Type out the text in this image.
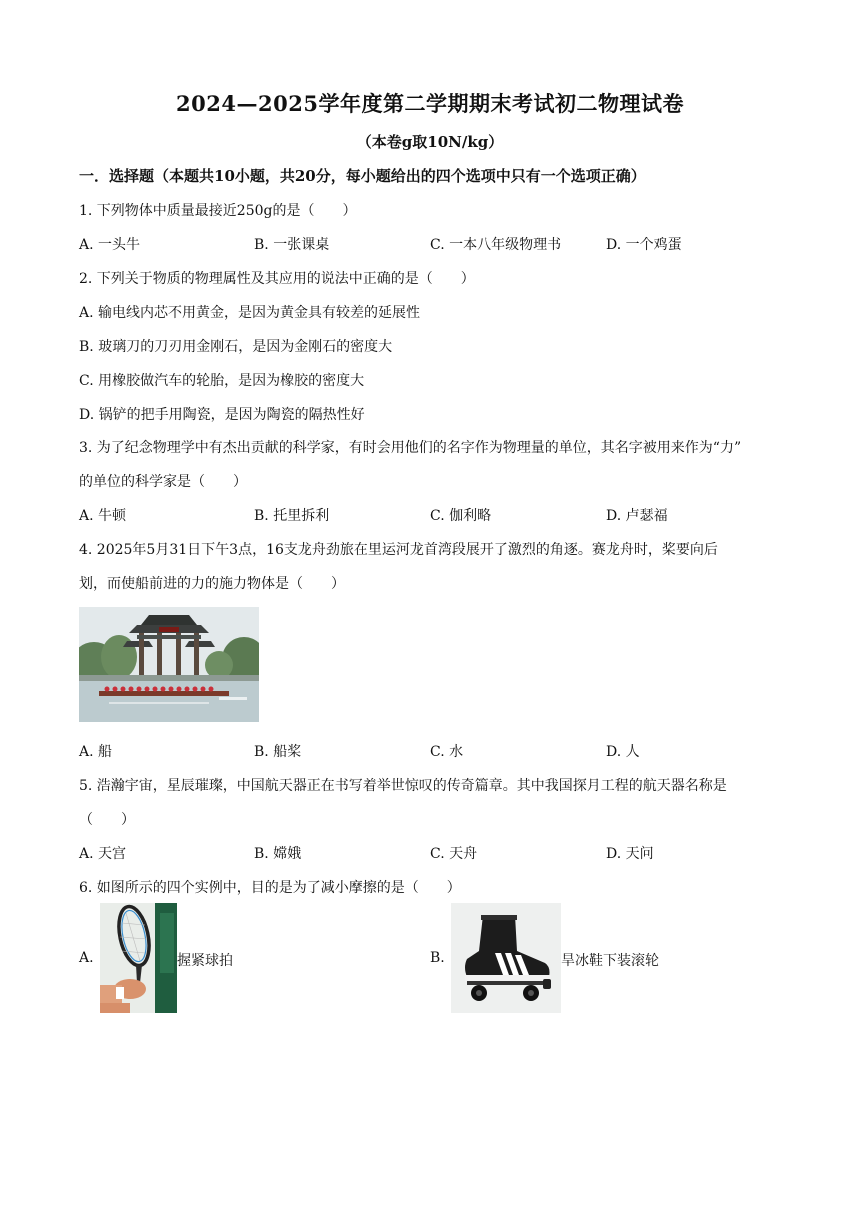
2024—2025学年度第二学期期末考试初二物理试卷
（本卷g取10N/kg）
一．选择题（本题共10小题，共20分，每小题给出的四个选项中只有一个选项正确）
1. 下列物体中质量最接近250g的是（　　）
A. 一头牛	B. 一张课桌	C. 一本八年级物理书	D. 一个鸡蛋
2. 下列关于物质的物理属性及其应用的说法中正确的是（　　）
A. 输电线内芯不用黄金，是因为黄金具有较差的延展性
B. 玻璃刀的刀刃用金刚石，是因为金刚石的密度大
C. 用橡胶做汽车的轮胎，是因为橡胶的密度大
D. 锅铲的把手用陶瓷，是因为陶瓷的隔热性好
3. 为了纪念物理学中有杰出贡献的科学家，有时会用他们的名字作为物理量的单位，其名字被用来作为“力”
的单位的科学家是（　　）
A. 牛顿	B. 托里拆利	C. 伽利略	D. 卢瑟福
4. 2025年5月31日下午3点，16支龙舟劲旅在里运河龙首湾段展开了激烈的角逐。赛龙舟时，桨要向后
划，而使船前进的力的施力物体是（　　）
A. 船	B. 船桨	C. 水	D. 人
5. 浩瀚宇宙，星辰璀璨，中国航天器正在书写着举世惊叹的传奇篇章。其中我国探月工程的航天器名称是
（　　）
A. 天宫	B. 嫦娥	C. 天舟	D. 天问
6. 如图所示的四个实例中，目的是为了减小摩擦的是（　　）
A.	握紧球拍	B.	旱冰鞋下装滚轮
